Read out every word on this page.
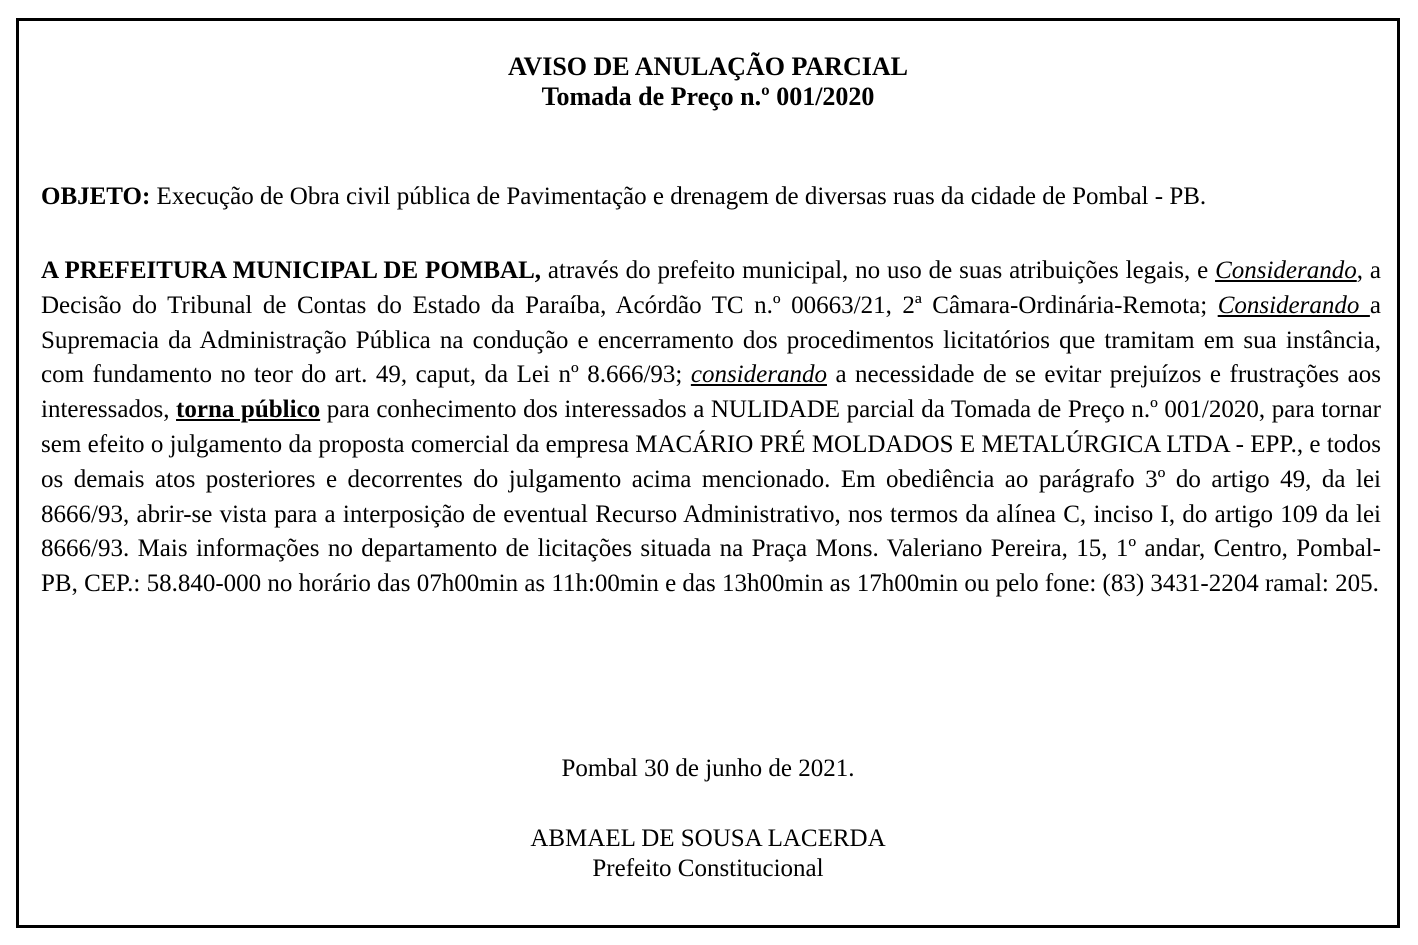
AVISO DE ANULAÇÃO PARCIAL
Tomada de Preço n.º 001/2020
OBJETO: Execução de Obra civil pública de Pavimentação e drenagem de diversas ruas da cidade de Pombal - PB.
A PREFEITURA MUNICIPAL DE POMBAL, através do prefeito municipal, no uso de suas atribuições legais, e Considerando, a Decisão do Tribunal de Contas do Estado da Paraíba, Acórdão TC n.º 00663/21, 2ª Câmara-Ordinária-Remota; Considerando a Supremacia da Administração Pública na condução e encerramento dos procedimentos licitatórios que tramitam em sua instância, com fundamento no teor do art. 49, caput, da Lei nº 8.666/93; considerando a necessidade de se evitar prejuízos e frustrações aos interessados, torna público para conhecimento dos interessados a NULIDADE parcial da Tomada de Preço n.º 001/2020, para tornar sem efeito o julgamento da proposta comercial da empresa MACÁRIO PRÉ MOLDADOS E METALÚRGICA LTDA - EPP., e todos os demais atos posteriores e decorrentes do julgamento acima mencionado. Em obediência ao parágrafo 3º do artigo 49, da lei 8666/93, abrir-se vista para a interposição de eventual Recurso Administrativo, nos termos da alínea C, inciso I, do artigo 109 da lei 8666/93. Mais informações no departamento de licitações situada na Praça Mons. Valeriano Pereira, 15, 1º andar, Centro, Pombal-PB, CEP.: 58.840-000 no horário das 07h00min as 11h:00min e das 13h00min as 17h00min ou pelo fone: (83) 3431-2204 ramal: 205.
Pombal 30 de junho de 2021.
ABMAEL DE SOUSA LACERDA
Prefeito Constitucional
